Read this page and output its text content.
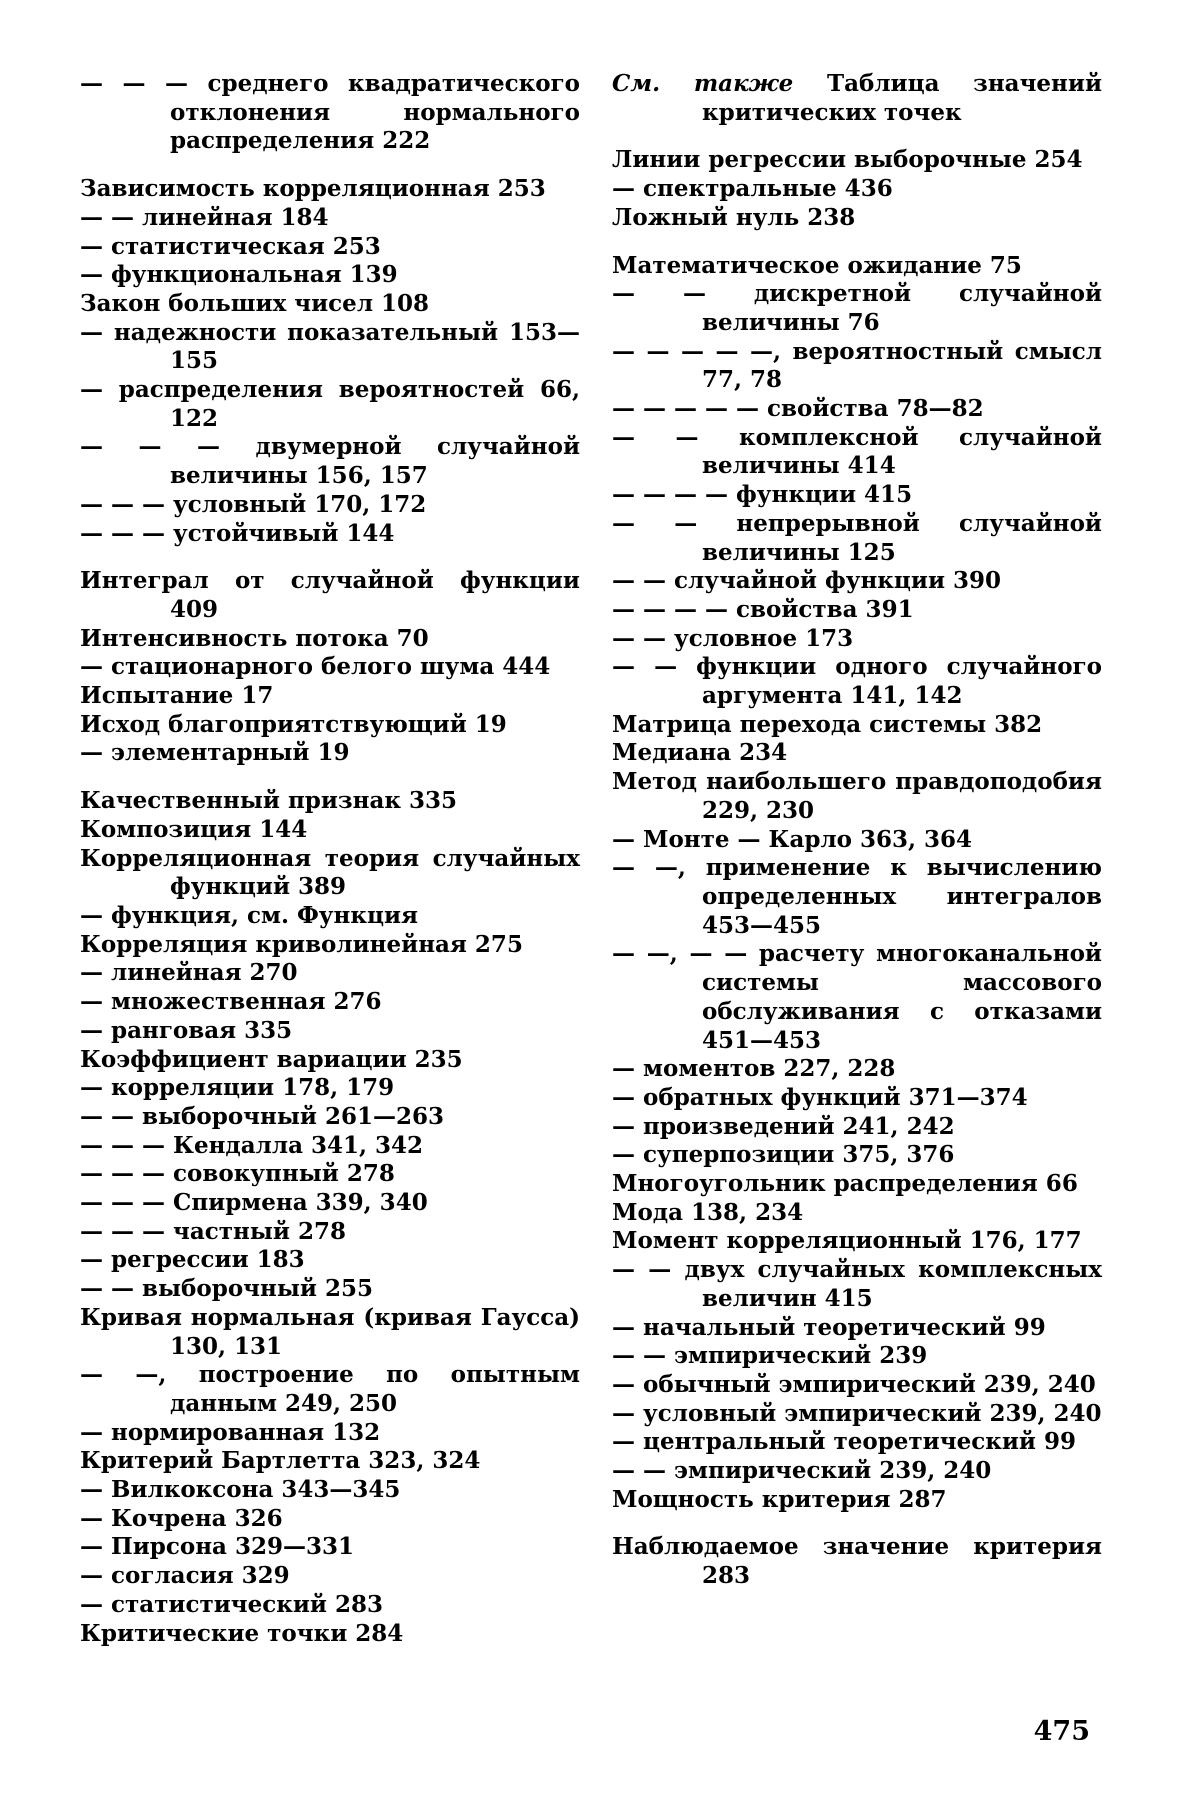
— — — среднего квадратического отклонения нормального распределения 222
Зависимость корреляционная 253
— — линейная 184
— статистическая 253
— функциональная 139
Закон больших чисел 108
— надежности показательный 153—155
— распределения вероятностей 66, 122
— — — двумерной случайной величины 156, 157
— — — условный 170, 172
— — — устойчивый 144
Интеграл от случайной функции 409
Интенсивность потока 70
— стационарного белого шума 444
Испытание 17
Исход благоприятствующий 19
— элементарный 19
Качественный признак 335
Композиция 144
Корреляционная теория случайных функций 389
— функция, см. Функция
Корреляция криволинейная 275
— линейная 270
— множественная 276
— ранговая 335
Коэффициент вариации 235
— корреляции 178, 179
— — выборочный 261—263
— — — Кендалла 341, 342
— — — совокупный 278
— — — Спирмена 339, 340
— — — частный 278
— регрессии 183
— — выборочный 255
Кривая нормальная (кривая Гаусса) 130, 131
— —, построение по опытным данным 249, 250
— нормированная 132
Критерий Бартлетта 323, 324
— Вилкоксона 343—345
— Кочрена 326
— Пирсона 329—331
— согласия 329
— статистический 283
Критические точки 284
См. также Таблица значений критических точек
Линии регрессии выборочные 254
— спектральные 436
Ложный нуль 238
Математическое ожидание 75
— — дискретной случайной величины 76
— — — — —, вероятностный смысл 77, 78
— — — — — свойства 78—82
— — комплексной случайной величины 414
— — — — функции 415
— — непрерывной случайной величины 125
— — случайной функции 390
— — — — свойства 391
— — условное 173
— — функции одного случайного аргумента 141, 142
Матрица перехода системы 382
Медиана 234
Метод наибольшего правдоподобия 229, 230
— Монте — Карло 363, 364
— —, применение к вычислению определенных интегралов 453—455
— —, — — расчету многоканальной системы массового обслуживания с отказами 451—453
— моментов 227, 228
— обратных функций 371—374
— произведений 241, 242
— суперпозиции 375, 376
Многоугольник распределения 66
Мода 138, 234
Момент корреляционный 176, 177
— — двух случайных комплексных величин 415
— начальный теоретический 99
— — эмпирический 239
— обычный эмпирический 239, 240
— условный эмпирический 239, 240
— центральный теоретический 99
— — эмпирический 239, 240
Мощность критерия 287
Наблюдаемое значение критерия 283
475
